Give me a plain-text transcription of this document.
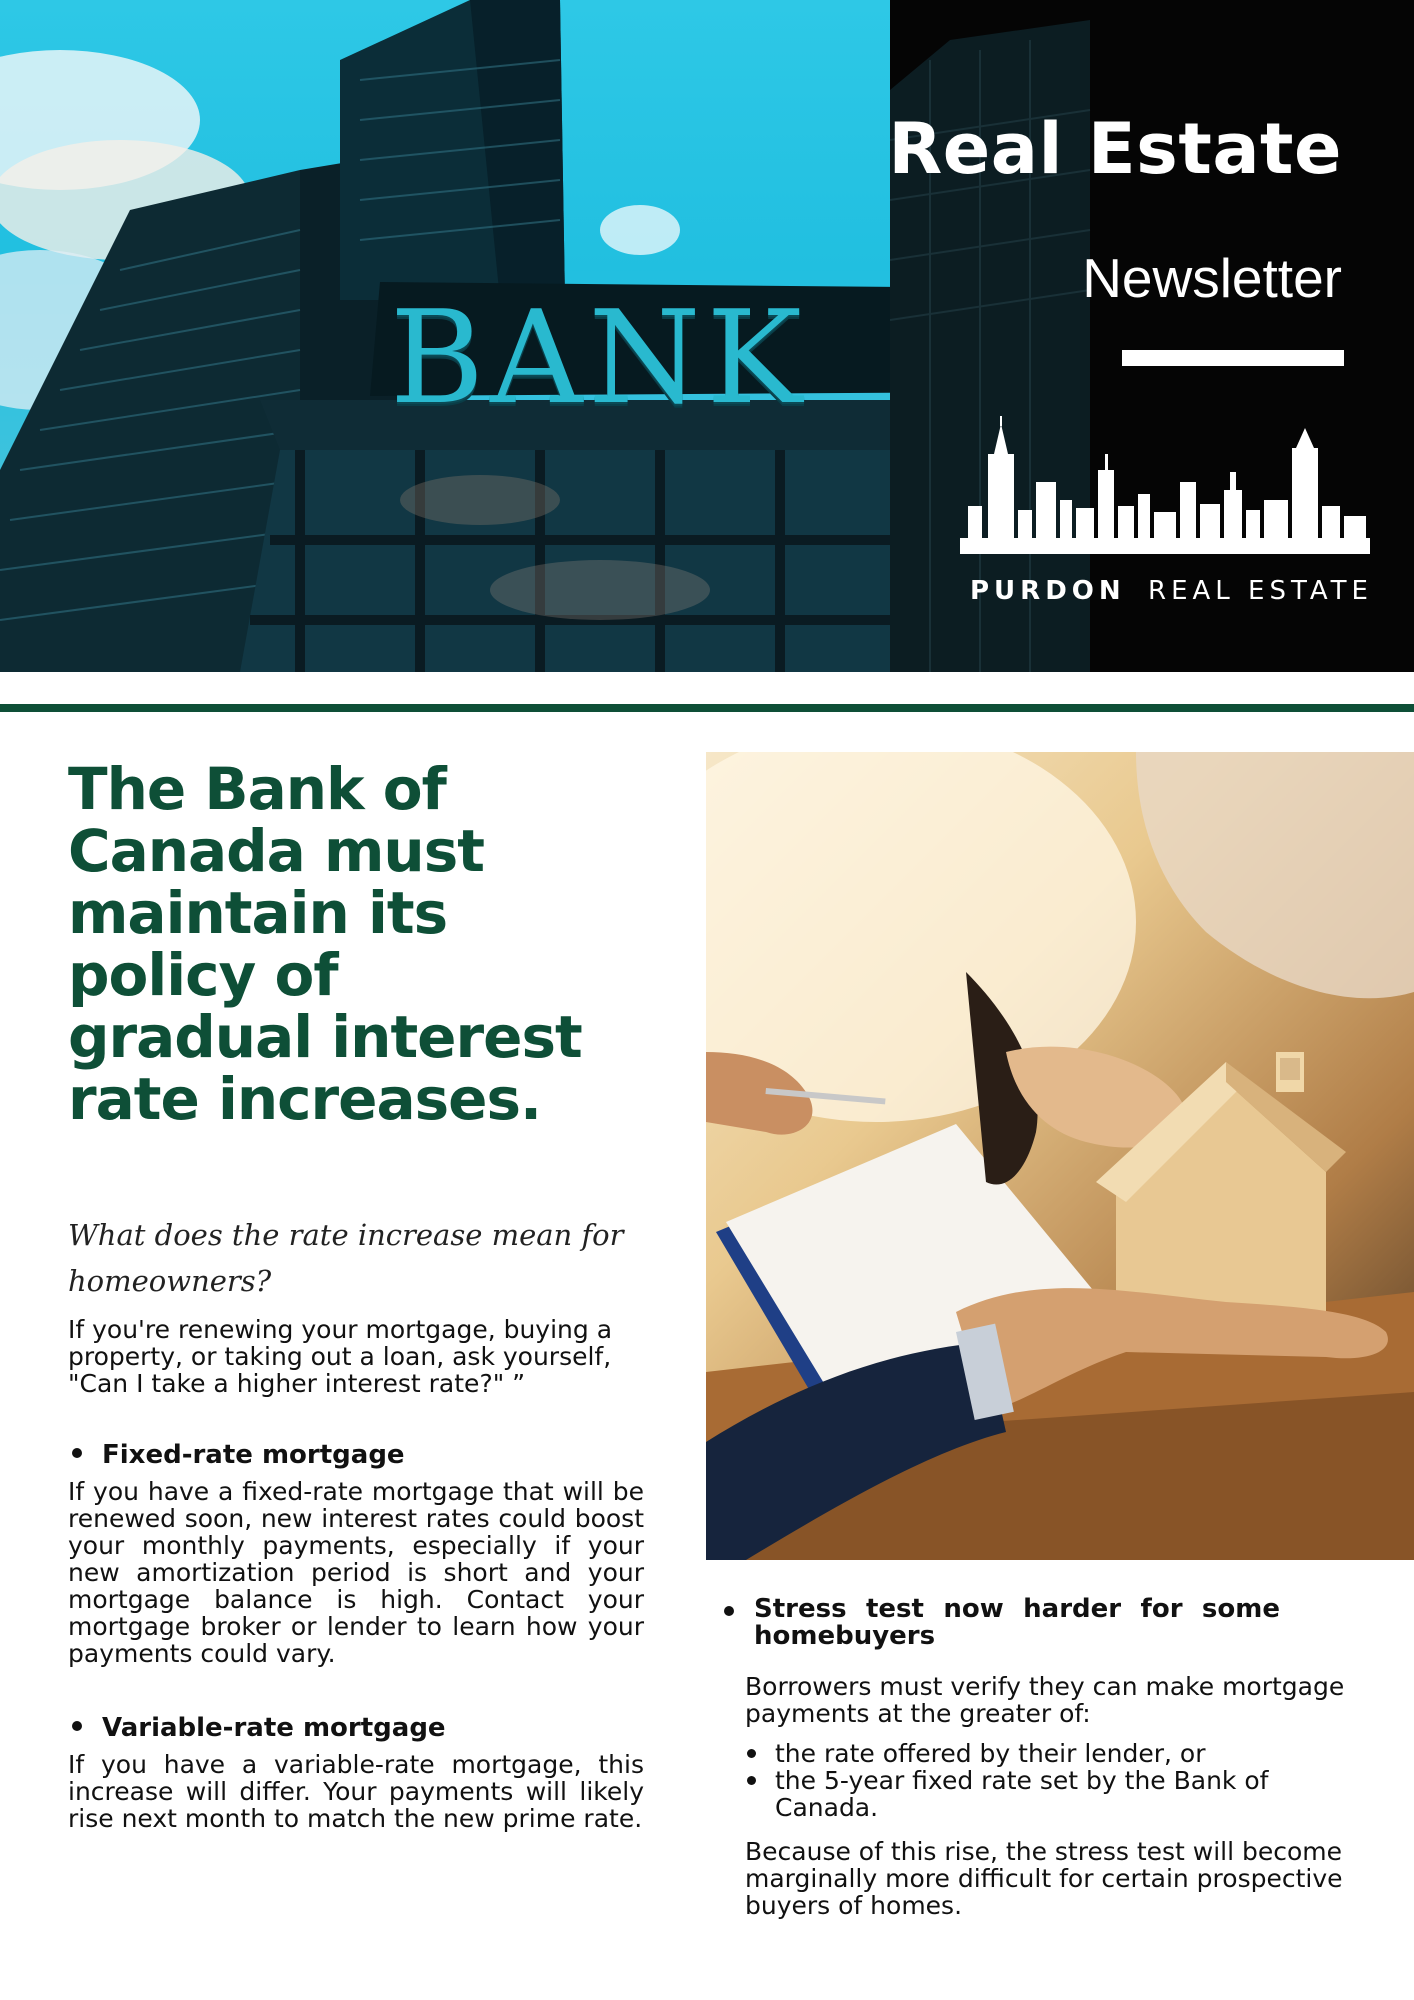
BANK
Real Estate
Newsletter
PURDON REAL ESTATE
The Bank of Canada must maintain its policy of gradual interest rate increases.

What does the rate increase mean for homeowners?

If you're renewing your mortgage, buying a property, or taking out a loan, ask yourself, "Can I take a higher interest rate?" ”

Fixed-rate mortgage

If you have a fixed-rate mortgage that will be renewed soon, new interest rates could boost your monthly payments, especially if your new amortization period is short and your mortgage balance is high. Contact your mortgage broker or lender to learn how your payments could vary.

Variable-rate mortgage

If you have a variable-rate mortgage, this increase will differ. Your payments will likely rise next month to match the new prime rate.

Stress test now harder for some homebuyers

Borrowers must verify they can make mortgage payments at the greater of:

the rate offered by their lender, or
the 5-year fixed rate set by the Bank of Canada.

Because of this rise, the stress test will become marginally more difficult for certain prospective buyers of homes.
